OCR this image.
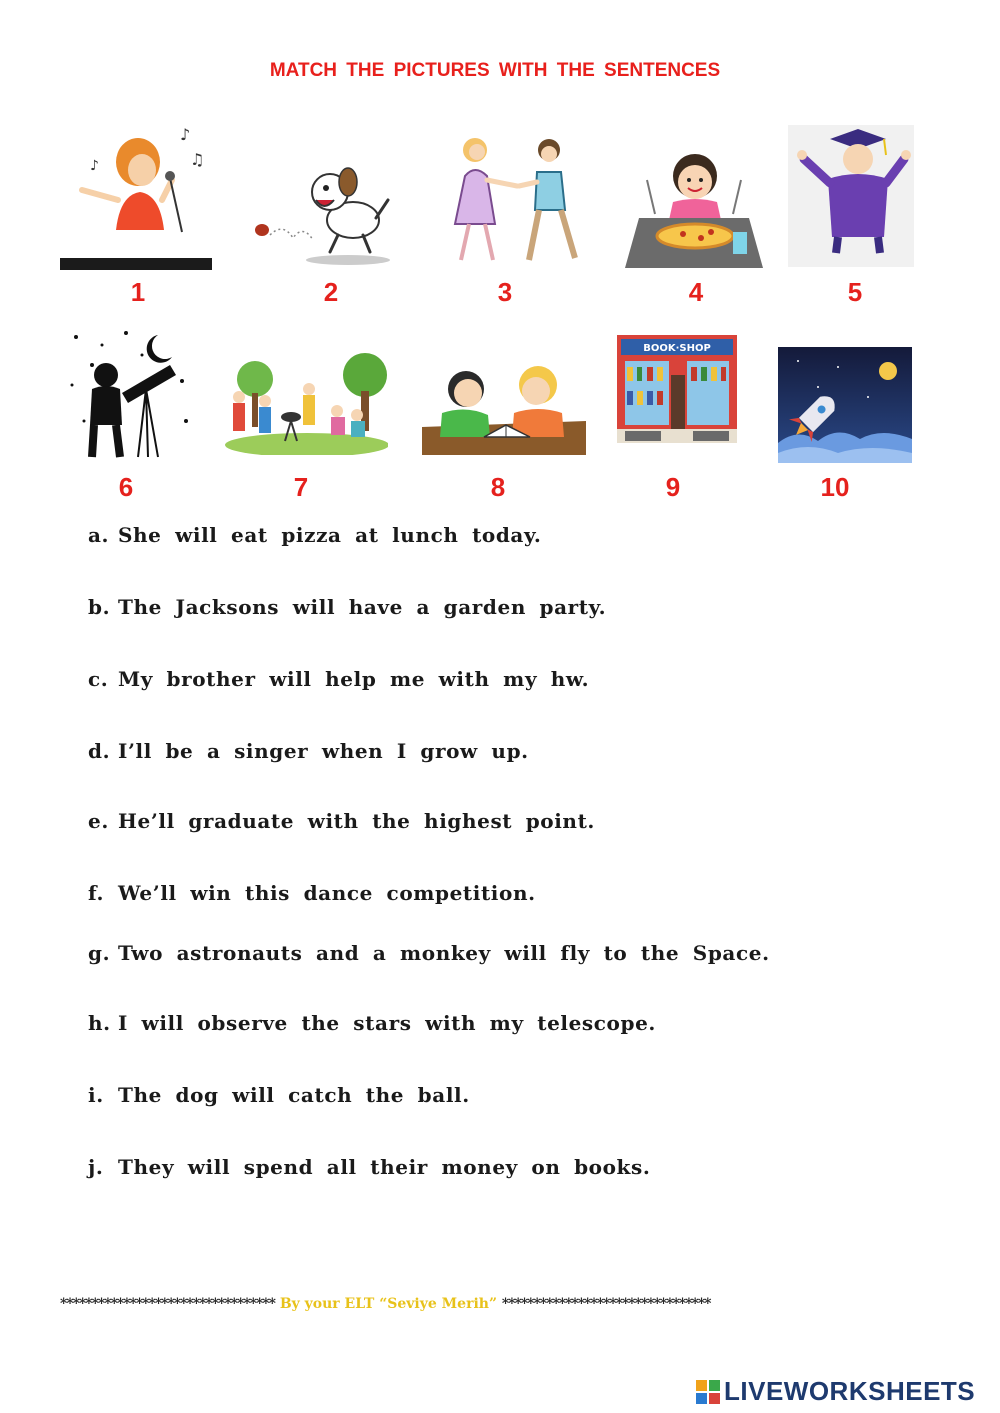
MATCH THE PICTURES WITH THE SENTENCES
♪
♫
♪
1	2	3	4	5
6	7	8
BOOK·SHOP
9	10
a. She will eat pizza at lunch today.
b. The Jacksons will have a garden party.
c. My brother will help me with my hw.
d. I’ll be a singer when I grow up.
e. He’ll graduate with the highest point.
f. We’ll win this dance competition.
g. Two astronauts and a monkey will fly to the Space.
h. I will observe the stars with my telescope.
i. The dog will catch the ball.
j. They will spend all their money on books.
********************************** By your ELT “Seviye Merih” *********************************
LIVEWORKSHEETS
